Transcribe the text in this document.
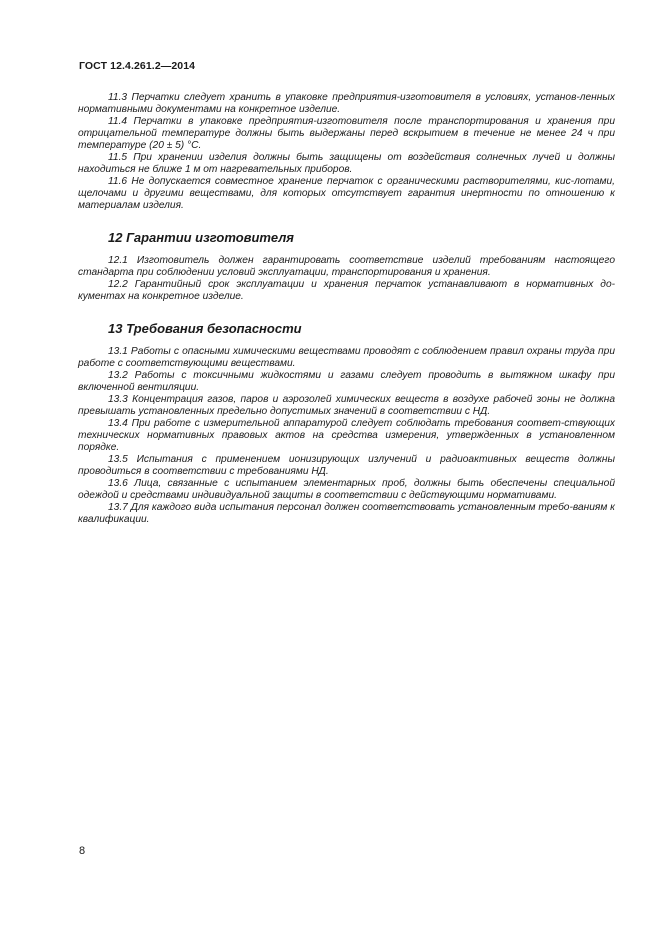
ГОСТ 12.4.261.2—2014

11.3 Перчатки следует хранить в упаковке предприятия-изготовителя в условиях, установ-ленных нормативными документами на конкретное изделие.

11.4 Перчатки в упаковке предприятия-изготовителя после транспортирования и хранения при отрицательной температуре должны быть выдержаны перед вскрытием в течение не менее 24 ч при температуре (20 ± 5) °С.

11.5 При хранении изделия должны быть защищены от воздействия солнечных лучей и должны находиться не ближе 1 м от нагревательных приборов.

11.6 Не допускается совместное хранение перчаток с органическими растворителями, кис-лотами, щелочами и другими веществами, для которых отсутствует гарантия инертности по отношению к материалам изделия.

12 Гарантии изготовителя

12.1 Изготовитель должен гарантировать соответствие изделий требованиям настоящего стандарта при соблюдении условий эксплуатации, транспортирования и хранения.

12.2 Гарантийный срок эксплуатации и хранения перчаток устанавливают в нормативных до-кументах на конкретное изделие.

13 Требования безопасности

13.1 Работы с опасными химическими веществами проводят с соблюдением правил охраны труда при работе с соответствующими веществами.

13.2 Работы с токсичными жидкостями и газами следует проводить в вытяжном шкафу при включенной вентиляции.

13.3 Концентрация газов, паров и аэрозолей химических веществ в воздухе рабочей зоны не должна превышать установленных предельно допустимых значений в соответствии с НД.

13.4 При работе с измерительной аппаратурой следует соблюдать требования соответ-ствующих технических нормативных правовых актов на средства измерения, утвержденных в установленном порядке.

13.5 Испытания с применением ионизирующих излучений и радиоактивных веществ должны проводиться в соответствии с требованиями НД.

13.6 Лица, связанные с испытанием элементарных проб, должны быть обеспечены специальной одеждой и средствами индивидуальной защиты в соответствии с действующими нормативами.

13.7 Для каждого вида испытания персонал должен соответствовать установленным требо-ваниям к квалификации.

8
